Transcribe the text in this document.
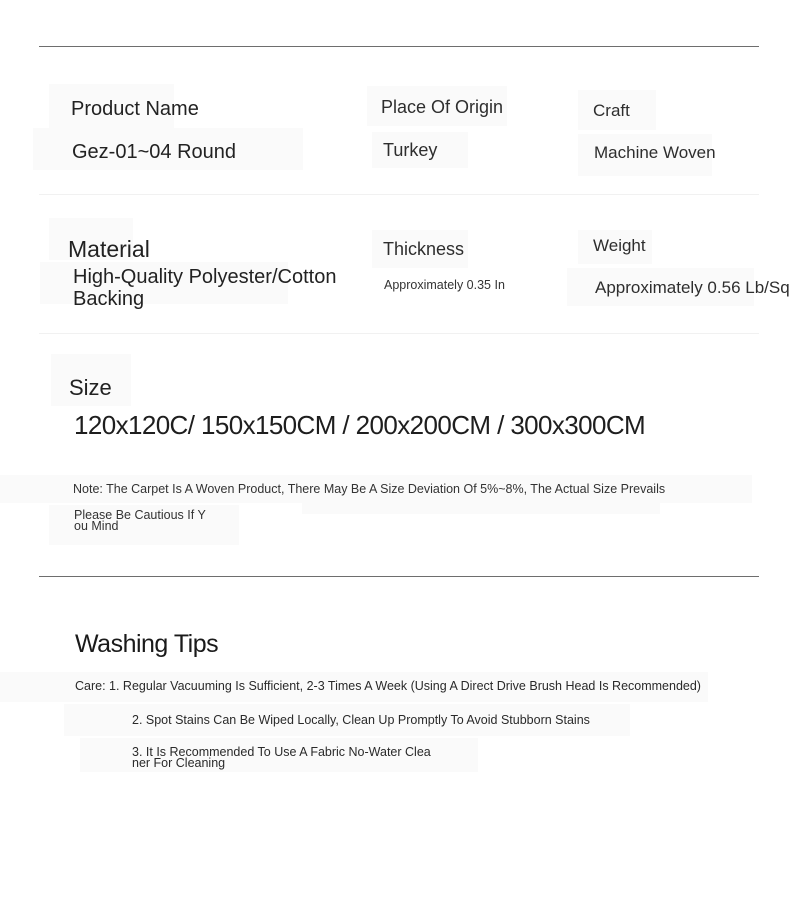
Product Name
Gez-01~04 Round
Place Of Origin
Turkey
Craft
Machine Woven
Material
High-Quality Polyester/Cotton
Backing
Thickness
Approximately 0.35 In
Weight
Approximately 0.56 Lb/Sq
Size
120x120C/ 150x150CM / 200x200CM / 300x300CM
Note: The Carpet Is A Woven Product, There May Be A Size Deviation Of 5%~8%, The Actual Size Prevails
Please Be Cautious If Y
ou Mind
Washing Tips
Care: 1. Regular Vacuuming Is Sufficient, 2-3 Times A Week (Using A Direct Drive Brush Head Is Recommended)
2. Spot Stains Can Be Wiped Locally, Clean Up Promptly To Avoid Stubborn Stains
3. It Is Recommended To Use A Fabric No-Water Clea
ner For Cleaning
